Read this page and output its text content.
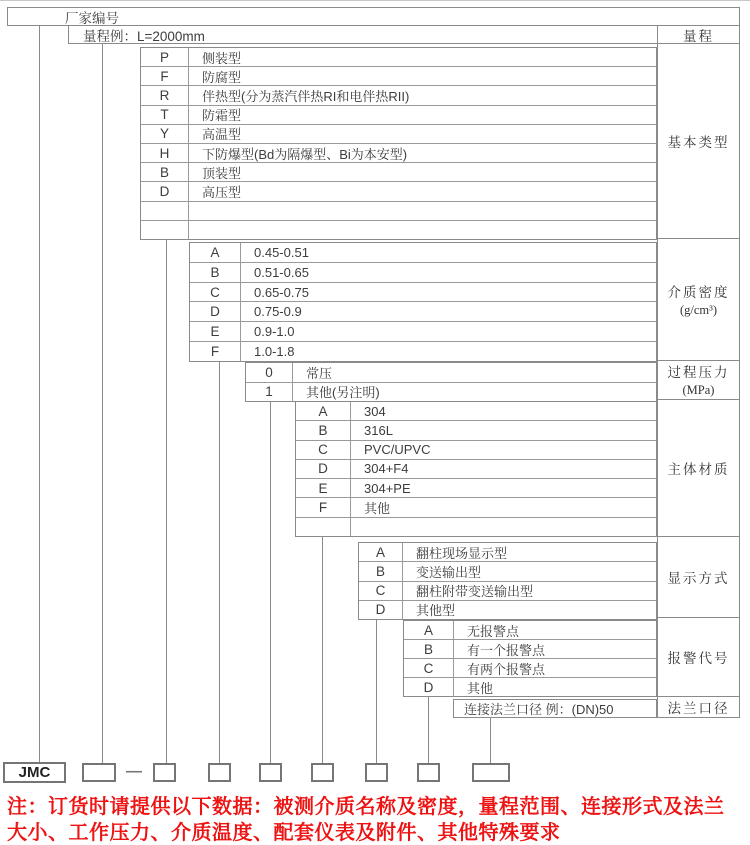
厂家编号
量程例：L=2000mm
P	侧装型
F	防腐型
R	伴热型(分为蒸汽伴热RI和电伴热RII)
T	防霜型
Y	高温型
H	下防爆型(Bd为隔爆型、Bi为本安型)
B	顶装型
D	高压型
A	0.45-0.51
B	0.51-0.65
C	0.65-0.75
D	0.75-0.9
E	0.9-1.0
F	1.0-1.8
0	常压
1	其他(另注明)
A	304
B	316L
C	PVC/UPVC
D	304+F4
E	304+PE
F	其他
A	翻柱现场显示型
B	变送输出型
C	翻柱附带变送输出型
D	其他型
A	无报警点
B	有一个报警点
C	有两个报警点
D	其他
连接法兰口径 例：(DN)50
量程
基本类型
介质密度
(g/cm³)
过程压力
(MPa)
主体材质
显示方式
报警代号
法兰口径
JMC	—
注：订货时请提供以下数据：被测介质名称及密度，量程范围、连接形式及法兰
大小、工作压力、介质温度、配套仪表及附件、其他特殊要求
